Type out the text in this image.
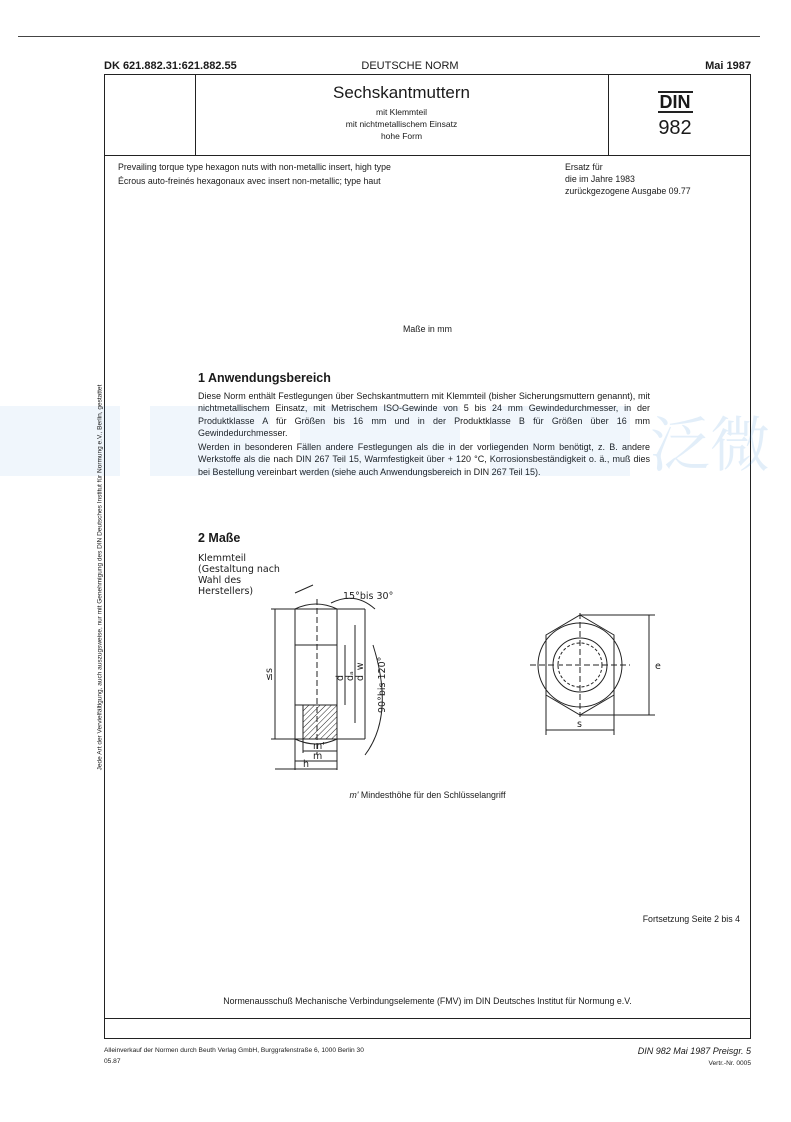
DK 621.882.31:621.882.55	DEUTSCHE NORM	Mai 1987
Sechskantmuttern
mit Klemmteil
mit nichtmetallischem Einsatz
hohe Form
DIN
982
Prevailing torque type hexagon nuts with non-metallic insert, high type
Écrous auto-freinés hexagonaux avec insert non-metallic; type haut
Ersatz für
die im Jahre 1983
zurückgezogene Ausgabe 09.77
Maße in mm
1 Anwendungsbereich
Diese Norm enthält Festlegungen über Sechskantmuttern mit Klemmteil (bisher Sicherungsmuttern genannt), mit nichtmetallischem Einsatz, mit Metrischem ISO-Gewinde von 5 bis 24 mm Gewindedurchmesser, in der Produktklasse A für Größen bis 16 mm und in der Produktklasse B für Größen über 16 mm Gewindedurchmesser.
Werden in besonderen Fällen andere Festlegungen als die in der vorliegenden Norm benötigt, z. B. andere Werkstoffe als die nach DIN 267 Teil 15, Warmfestigkeit über + 120 °C, Korrosionsbeständigkeit o. ä., muß dies bei Bestellung vereinbart werden (siehe auch Anwendungsbereich in DIN 267 Teil 15).
2 Maße
Klemmteil
(Gestaltung nach
Wahl des
Herstellers)	15°bis 30°
90°bis 120°
≤s	d dₐ d_w
m'
m
h
e
s
m' Mindesthöhe für den Schlüsselangriff
Fortsetzung Seite 2 bis 4
Normenausschuß Mechanische Verbindungselemente (FMV) im DIN Deutsches Institut für Normung e.V.
泛微
Jede Art der Vervielfältigung, auch auszugsweise, nur mit Genehmigung des DIN Deutsches Institut für Normung e.V., Berlin, gestattet
Alleinverkauf der Normen durch Beuth Verlag GmbH, Burggrafenstraße 6, 1000 Berlin 30
05.87
DIN 982 Mai 1987 Preisgr. 5
Vertr.-Nr. 0005
